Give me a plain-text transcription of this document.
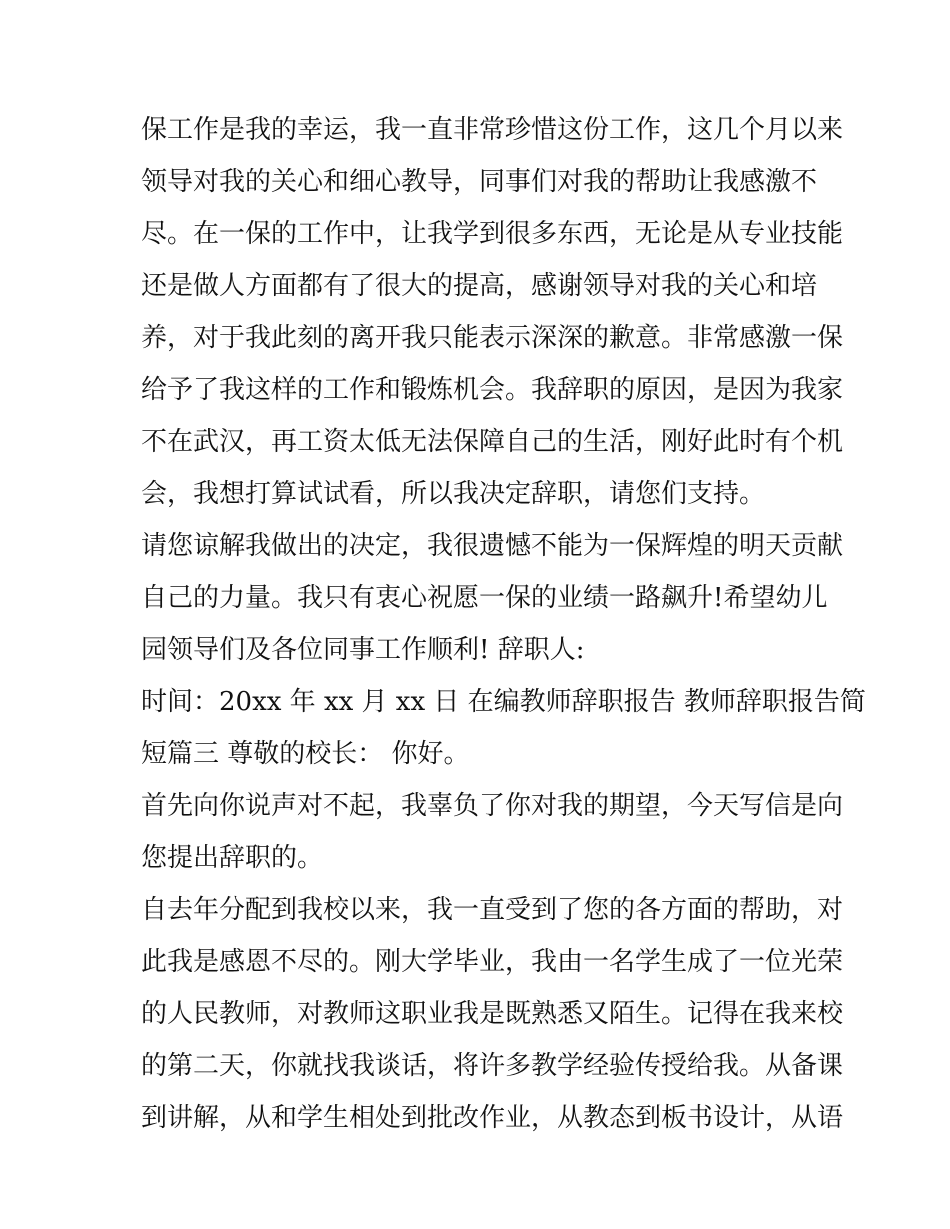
保工作是我的幸运，我一直非常珍惜这份工作，这几个月以来
领导对我的关心和细心教导，同事们对我的帮助让我感激不
尽。在一保的工作中，让我学到很多东西，无论是从专业技能
还是做人方面都有了很大的提高，感谢领导对我的关心和培
养，对于我此刻的离开我只能表示深深的歉意。非常感激一保
给予了我这样的工作和锻炼机会。我辞职的原因，是因为我家
不在武汉，再工资太低无法保障自己的生活，刚好此时有个机
会，我想打算试试看，所以我决定辞职，请您们支持。

请您谅解我做出的决定，我很遗憾不能为一保辉煌的明天贡献
自己的力量。我只有衷心祝愿一保的业绩一路飙升!希望幼儿
园领导们及各位同事工作顺利! 辞职人:

时间：20xx 年 xx 月 xx 日 在编教师辞职报告 教师辞职报告简
短篇三 尊敬的校长： 你好。

首先向你说声对不起，我辜负了你对我的期望，今天写信是向
您提出辞职的。

自去年分配到我校以来，我一直受到了您的各方面的帮助，对
此我是感恩不尽的。刚大学毕业，我由一名学生成了一位光荣
的人民教师，对教师这职业我是既熟悉又陌生。记得在我来校
的第二天，你就找我谈话，将许多教学经验传授给我。从备课
到讲解，从和学生相处到批改作业，从教态到板书设计，从语
